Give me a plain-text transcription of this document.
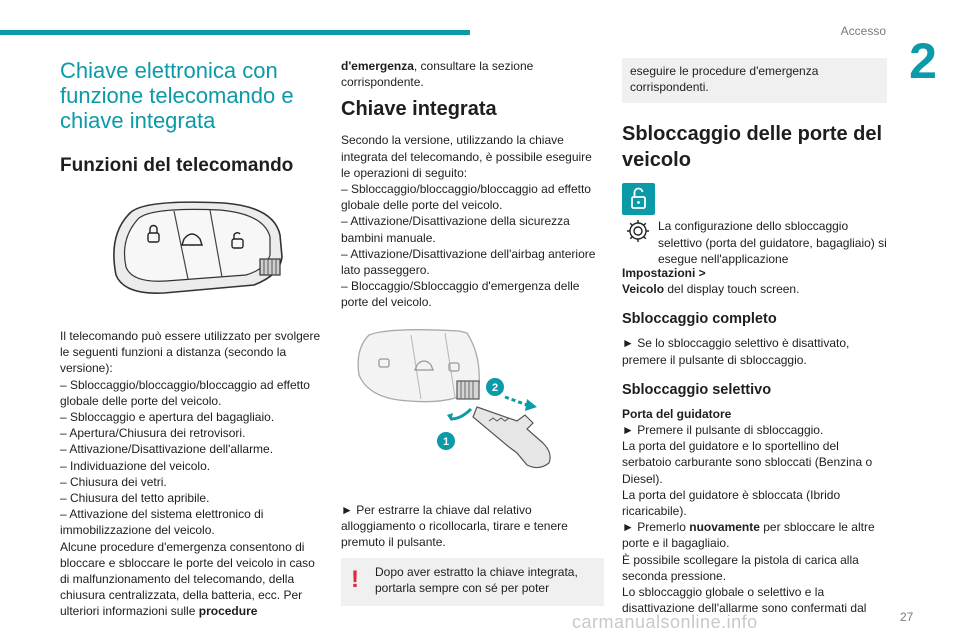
Accesso
2
Chiave elettronica con funzione telecomando e chiave integrata
Funzioni del telecomando

Il telecomando può essere utilizzato per svolgere le seguenti funzioni a distanza (secondo la versione):

– Sbloccaggio/bloccaggio/bloccaggio ad effetto globale delle porte del veicolo.

– Sbloccaggio e apertura del bagagliaio.

– Apertura/Chiusura dei retrovisori.

– Attivazione/Disattivazione dell'allarme.

– Individuazione del veicolo.

– Chiusura dei vetri.

– Chiusura del tetto apribile.

– Attivazione del sistema elettronico di immobilizzazione del veicolo.

Alcune procedure d'emergenza consentono di bloccare e sbloccare le porte del veicolo in caso di malfunzionamento del telecomando, della chiusura centralizzata, della batteria, ecc. Per ulteriori informazioni sulle procedure

d'emergenza, consultare la sezione corrispondente.

Chiave integrata

Secondo la versione, utilizzando la chiave integrata del telecomando, è possibile eseguire le operazioni di seguito:

– Sbloccaggio/bloccaggio/bloccaggio ad effetto globale delle porte del veicolo.

– Attivazione/Disattivazione della sicurezza bambini manuale.

– Attivazione/Disattivazione dell'airbag anteriore lato passeggero.

– Bloccaggio/Sbloccaggio d'emergenza delle porte del veicolo.

1
2

► Per estrarre la chiave dal relativo alloggiamento o ricollocarla, tirare e tenere premuto il pulsante.

! Dopo aver estratto la chiave integrata, portarla sempre con sé per poter

eseguire le procedure d'emergenza corrispondenti.

Sbloccaggio delle porte del veicolo

La configurazione dello sbloccaggio selettivo (porta del guidatore, bagagliaio) si esegue nell'applicazione

Impostazioni >
Veicolo del display touch screen.

Sbloccaggio completo

► Se lo sbloccaggio selettivo è disattivato, premere il pulsante di sbloccaggio.

Sbloccaggio selettivo

Porta del guidatore

► Premere il pulsante di sbloccaggio.

La porta del guidatore e lo sportellino del serbatoio carburante sono sbloccati (Benzina o Diesel).

La porta del guidatore è sbloccata (Ibrido ricaricabile).

► Premerlo nuovamente per sbloccare le altre porte e il bagagliaio.

È possibile scollegare la pistola di carica alla seconda pressione.

Lo sbloccaggio globale o selettivo e la disattivazione dell'allarme sono confermati dal

carmanualsonline.info	27
